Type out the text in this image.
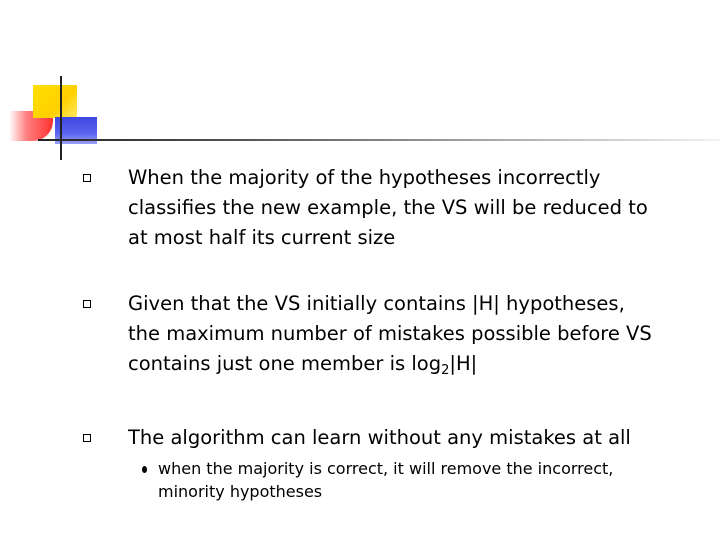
When the majority of the hypotheses incorrectly
classifies the new example, the VS will be reduced to
at most half its current size
Given that the VS initially contains |H| hypotheses,
the maximum number of mistakes possible before VS
contains just one member is $\log_2|H|$
The algorithm can learn without any mistakes at all
when the majority is correct, it will remove the incorrect,
minority hypotheses
